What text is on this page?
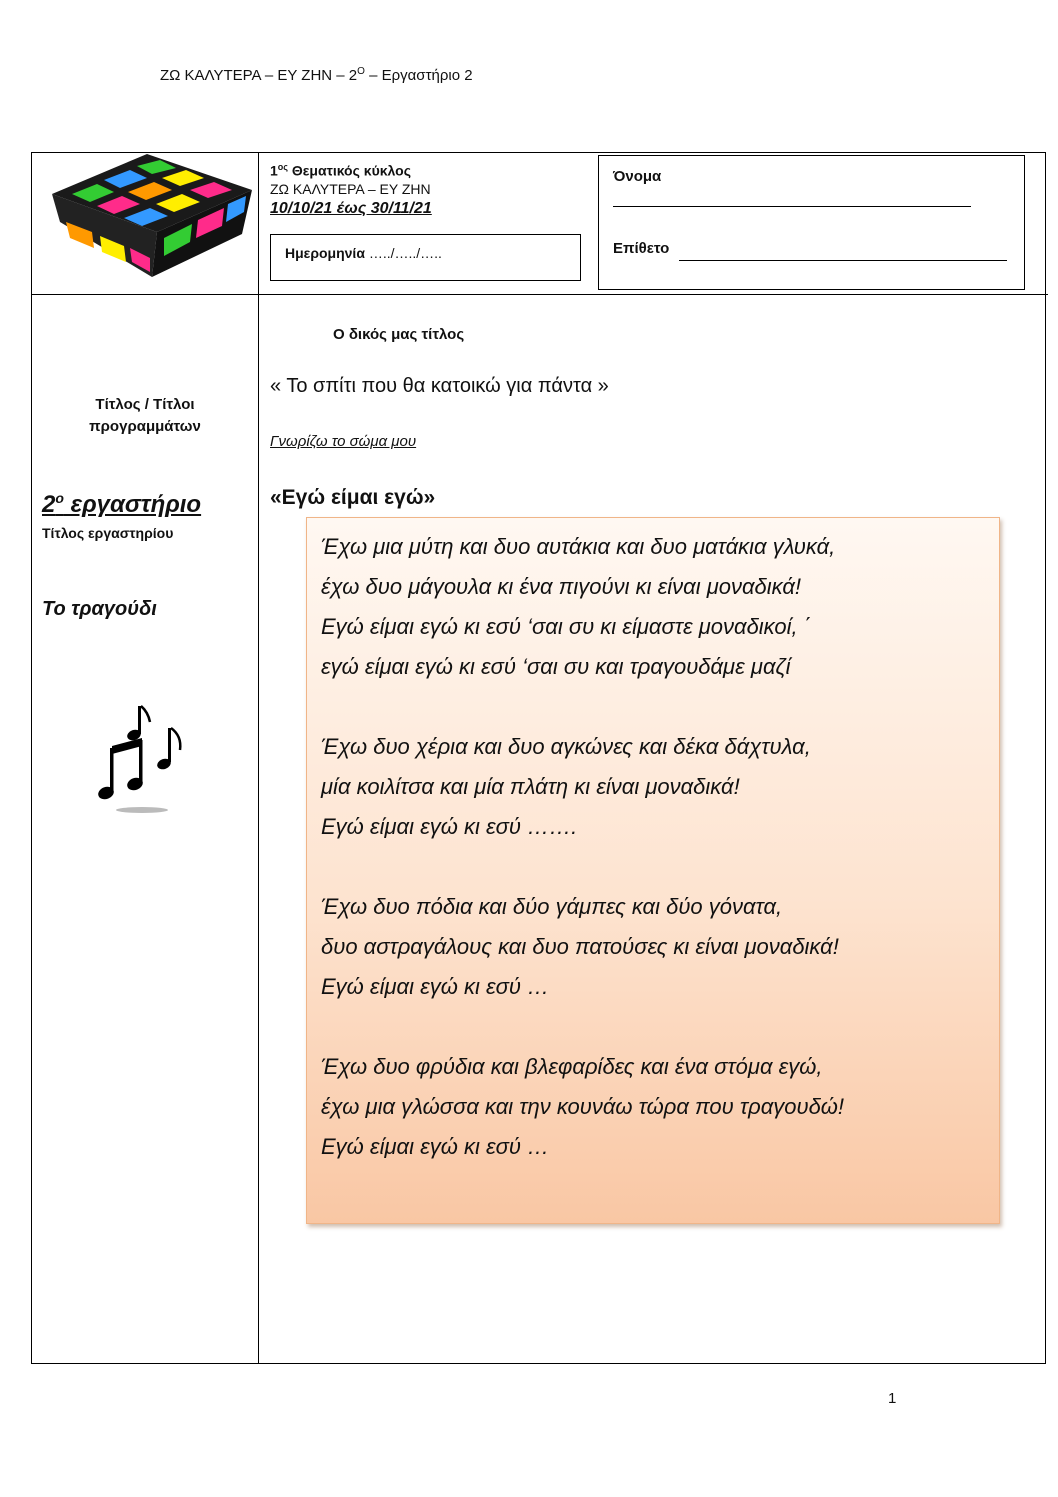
ΖΩ ΚΑΛΥΤΕΡΑ – ΕΥ ΖΗΝ – $2^O$ – Εργαστήριο 2
$1^{o\varsigma}$ Θεματικός κύκλος
ΖΩ ΚΑΛΥΤΕΡΑ – ΕΥ ΖΗΝ
10/10/21 έως 30/11/21
Ημερομηνία …../…../…..
Όνομα
Επίθετο
Τίτλος / Τίτλοι
προγραμμάτων
$2^o$ εργαστήριο
Τίτλος εργαστηρίου
Το τραγούδι
Ο δικός μας τίτλος
« Το σπίτι που θα κατοικώ για πάντα »
Γνωρίζω το σώμα μου
«Εγώ είμαι εγώ»
Έχω μια μύτη και δυο αυτάκια και δυο ματάκια γλυκά,
έχω δυο μάγουλα κι ένα πιγούνι κι είναι μοναδικά!
Εγώ είμαι εγώ κι εσύ ‘σαι συ κι είμαστε μοναδικοί, ΄
εγώ είμαι εγώ κι εσύ ‘σαι συ και τραγουδάμε μαζί
Έχω δυο χέρια και δυο αγκώνες και δέκα δάχτυλα,
μία κοιλίτσα και μία πλάτη κι είναι μοναδικά!
Εγώ είμαι εγώ κι εσύ …….
Έχω δυο πόδια και δύο γάμπες και δύο γόνατα,
δυο αστραγάλους και δυο πατούσες κι είναι μοναδικά!
Εγώ είμαι εγώ κι εσύ …
Έχω δυο φρύδια και βλεφαρίδες και ένα στόμα εγώ,
έχω μια γλώσσα και την κουνάω τώρα που τραγουδώ!
Εγώ είμαι εγώ κι εσύ …
1
